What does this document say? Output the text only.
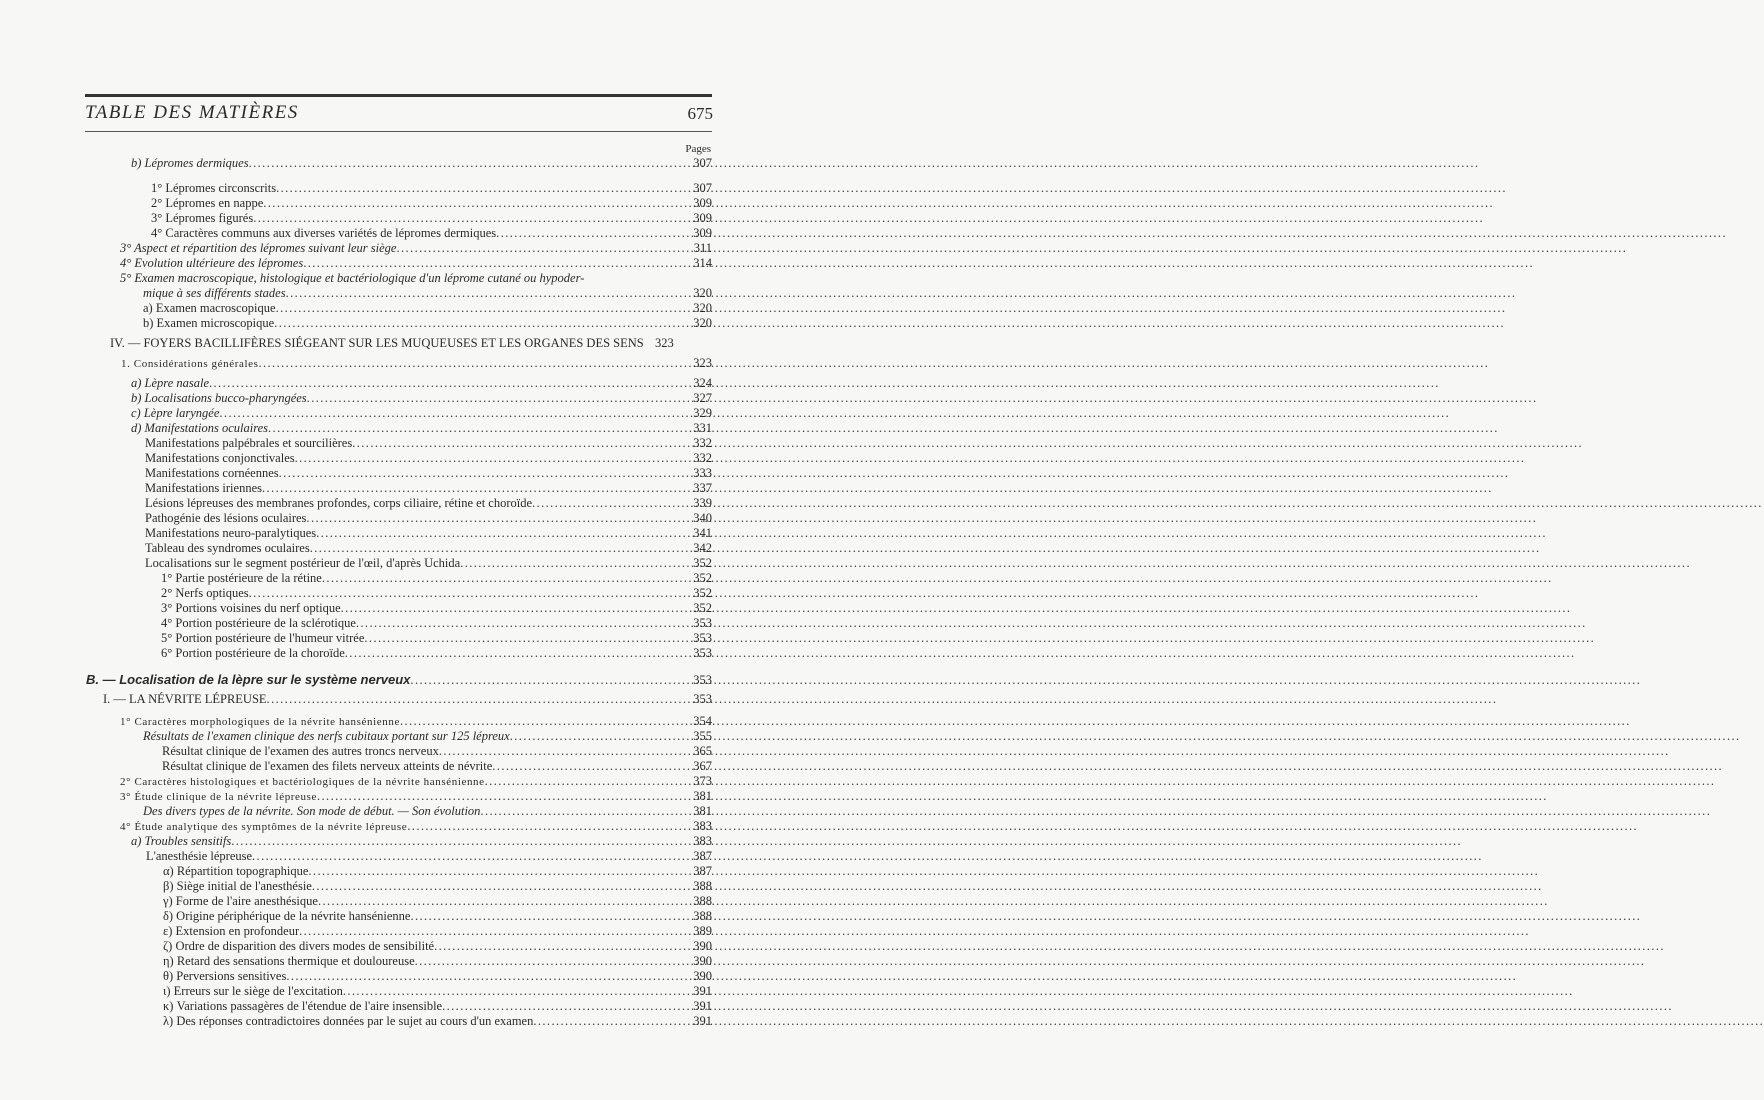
TABLE DES MATIÈRES	675
Pages
b) Lépromes dermiques .....	307
1° Lépromes circonscrits .....	307
2° Lépromes en nappe .....	309
3° Lépromes figurés .....	309
4° Caractères communs aux diverses variétés de lépromes dermiques .....	309
3° Aspect et répartition des lépromes suivant leur siège .....	311
4° Evolution ultérieure des lépromes .....	314
5° Examen macroscopique, histologique et bactériologique d'un léprome cutané ou hypoder-
mique à ses différents stades .....	320
a) Examen macroscopique .....	320
b) Examen microscopique .....	320
IV. — FOYERS BACILLIFÈRES SIÉGEANT SUR LES MUQUEUSES ET LES ORGANES DES SENS 323
1. Considérations générales .....	323
a) Lèpre nasale .....	324
b) Localisations bucco-pharyngées .....	327
c) Lèpre laryngée .....	329
d) Manifestations oculaires .....	331
Manifestations palpébrales et sourcilières .....	332
Manifestations conjonctivales .....	332
Manifestations cornéennes .....	333
Manifestations iriennes .....	337
Lésions lépreuses des membranes profondes, corps ciliaire, rétine et choroïde .....	339
Pathogénie des lésions oculaires .....	340
Manifestations neuro-paralytiques .....	341
Tableau des syndromes oculaires .....	342
Localisations sur le segment postérieur de l'œil, d'après Uchida .....	352
1° Partie postérieure de la rétine .....	352
2° Nerfs optiques .....	352
3° Portions voisines du nerf optique .....	352
4° Portion postérieure de la sclérotique .....	353
5° Portion postérieure de l'humeur vitrée .....	353
6° Portion postérieure de la choroïde .....	353
B. — Localisation de la lèpre sur le système nerveux .....	353
I. — LA NÉVRITE LÉPREUSE .....	353
1° Caractères morphologiques de la névrite hansénienne .....	354
Résultats de l'examen clinique des nerfs cubitaux portant sur 125 lépreux .....	355
Résultat clinique de l'examen des autres troncs nerveux .....	365
Résultat clinique de l'examen des filets nerveux atteints de névrite .....	367
2° Caractères histologiques et bactériologiques de la névrite hansénienne .....	373
3° Étude clinique de la névrite lépreuse .....	381
Des divers types de la névrite. Son mode de début. — Son évolution .....	381
4° Étude analytique des symptômes de la névrite lépreuse .....	383
a) Troubles sensitifs .....	383
L'anesthésie lépreuse .....	387
α) Répartition topographique .....	387
β) Siège initial de l'anesthésie .....	388
γ) Forme de l'aire anesthésique .....	388
δ) Origine périphérique de la névrite hansénienne .....	388
ε) Extension en profondeur .....	389
ζ) Ordre de disparition des divers modes de sensibilité .....	390
η) Retard des sensations thermique et douloureuse .....	390
θ) Perversions sensitives .....	390
ι) Erreurs sur le siège de l'excitation .....	391
κ) Variations passagères de l'étendue de l'aire insensible .....	391
λ) Des réponses contradictoires données par le sujet au cours d'un examen .....	391
